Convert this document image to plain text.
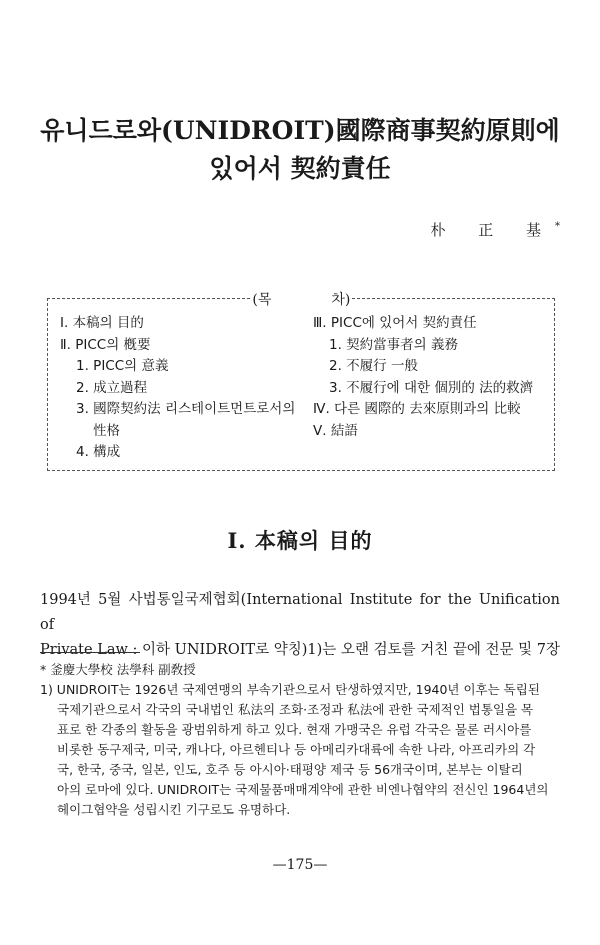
유니드로와(UNIDROIT)國際商事契約原則에
있어서 契約責任
朴 正 基*
(목	차)
Ⅰ. 本稿의 目的
Ⅱ. PICC의 槪要
1. PICC의 意義
2. 成立過程
3. 國際契約法 리스테이트먼트로서의
性格
4. 構成
Ⅲ. PICC에 있어서 契約責任
1. 契約當事者의 義務
2. 不履行 一般
3. 不履行에 대한 個別的 法的救濟
Ⅳ. 다른 國際的 去來原則과의 比較
Ⅴ. 結語
Ⅰ. 本稿의 目的
1994년 5월 사법통일국제협회(International Institute for the Unification of
Private Law : 이하 UNIDROIT로 약칭)1)는 오랜 검토를 거친 끝에 전문 및 7장
* 釜慶大學校 法學科 副敎授
1) UNIDROIT는 1926년 국제연맹의 부속기관으로서 탄생하였지만, 1940년 이후는 독립된
국제기관으로서 각국의 국내법인 私法의 조화·조정과 私法에 관한 국제적인 법통일을 목
표로 한 각종의 활동을 광범위하게 하고 있다. 현재 가맹국은 유럽 각국은 물론 러시아를
비롯한 동구제국, 미국, 캐나다, 아르헨티나 등 아메리카대륙에 속한 나라, 아프리카의 각
국, 한국, 중국, 일본, 인도, 호주 등 아시아·태평양 제국 등 56개국이며, 본부는 이탈리
아의 로마에 있다. UNIDROIT는 국제물품매매계약에 관한 비엔나협약의 전신인 1964년의
헤이그협약을 성립시킨 기구로도 유명하다.
—175—
